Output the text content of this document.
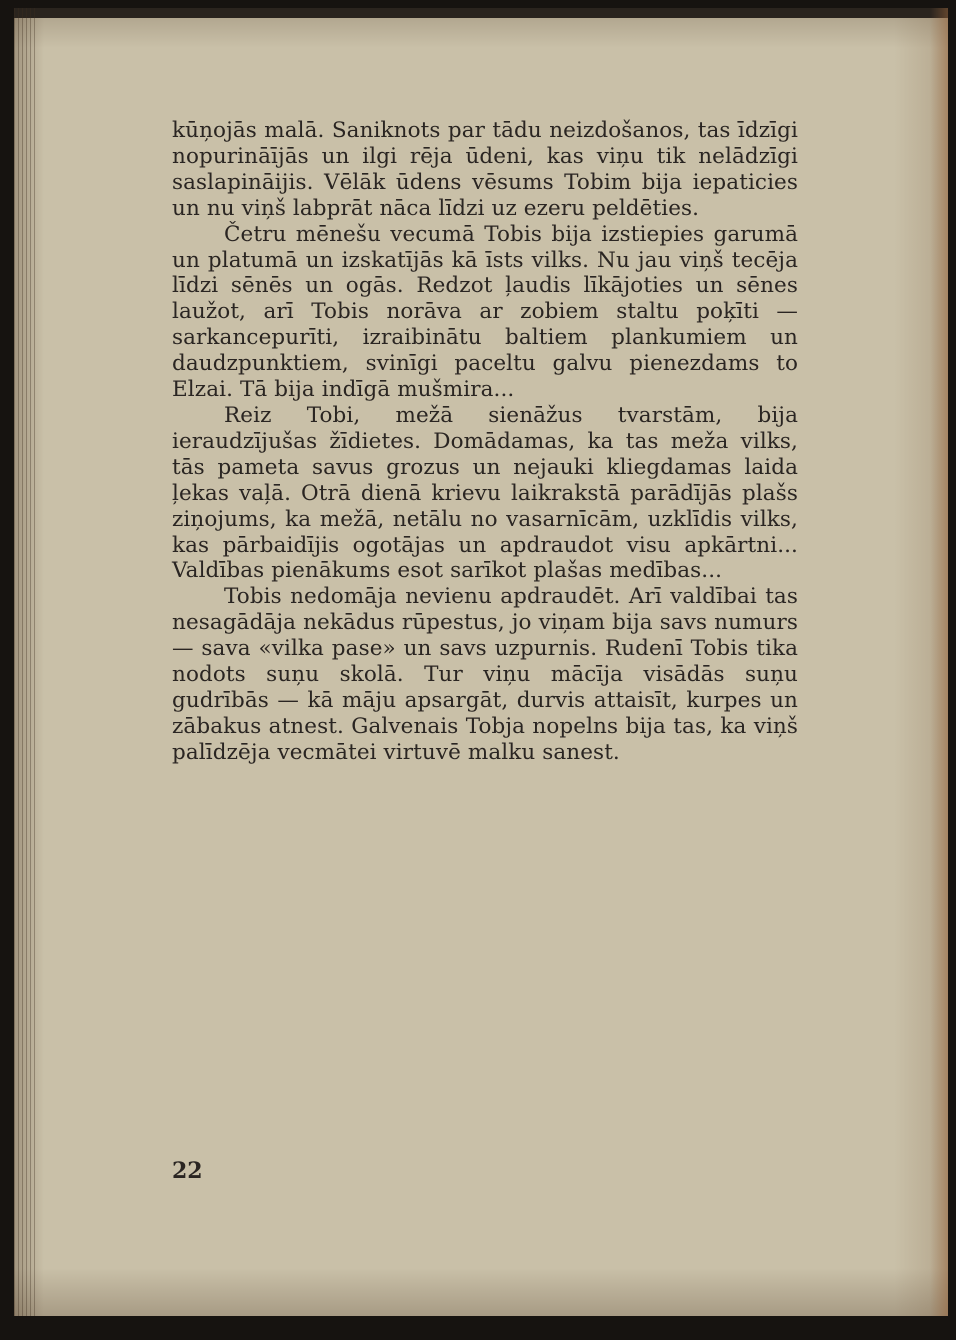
kūņojās malā. Saniknots par tādu neizdošanos, tas īdzīgi nopurināījās un ilgi rēja ūdeni, kas viņu tik nelādzīgi saslapināijis. Vēlāk ūdens vēsums Tobim bija iepaticies un nu viņš labprāt nāca līdzi uz ezeru peldēties.

Četru mēnešu vecumā Tobis bija izstiepies garumā un platumā un izskatījās kā īsts vilks. Nu jau viņš tecēja līdzi sēnēs un ogās. Redzot ļaudis līkājoties un sēnes laužot, arī Tobis norāva ar zobiem staltu poķīti — sarkancepurīti, izraibinātu baltiem plankumiem un daudzpunktiem, svinīgi paceltu galvu pienezdams to Elzai. Tā bija indīgā mušmira...

Reiz Tobi, mežā sienāžus tvarstām, bija ierаudzījušas žīdietes. Domādamas, ka tas meža vilks, tās pameta savus grozus un nejauki kliegdamas laida ļekas vaļā. Otrā dienā krievu laikrakstā parādījās plašs ziņojums, ka mežā, netālu no vasarnīcām, uzklīdis vilks, kas pārbaidījis ogotājas un apdraudot visu apkārtni... Valdības pienākums esot sarīkot plašas medības...

Tobis nedomāja nevienu apdraudēt. Arī valdībai tas nesagādāja nekādus rūpestus, jo viņam bija savs numurs — sava «vilka pase» un savs uzpurnis. Rudenī Tobis tika nodots suņu skolā. Tur viņu mācīja visādās suņu gudrībās — kā māju apsargāt, durvis attaisīt, kurpes un zābakus atnest. Galvenais Tobja nopelns bija tas, ka viņš palīdzēja vecmātei virtuvē malku sanest.

22
